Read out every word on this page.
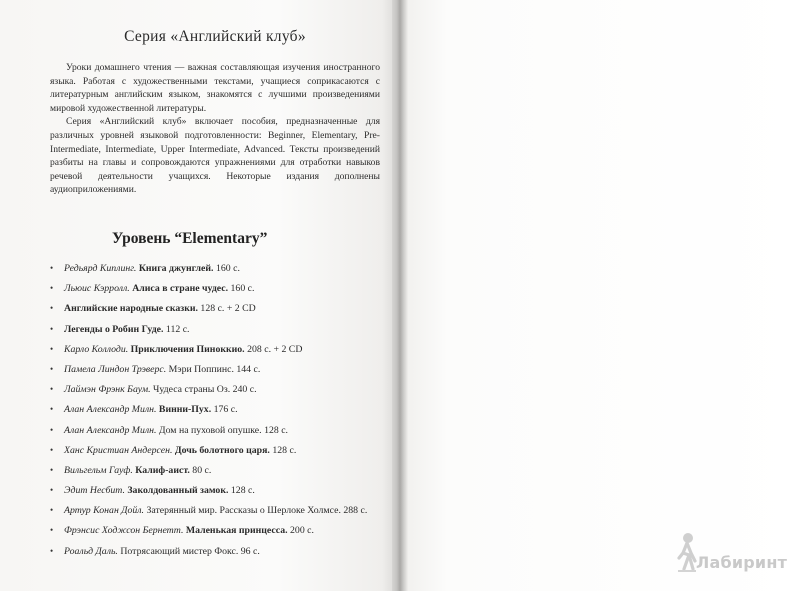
Серия «Английский клуб»

Уроки домашнего чтения — важная составляющая изучения иностранного языка. Работая с художественными текстами, учащиеся соприкасаются с литературным английским языком, знакомятся с лучшими произведениями мировой художественной литературы.

Серия «Английский клуб» включает пособия, предназначенные для различных уровней языковой подготовленности: Beginner, Elementary, Pre-Intermediate, Intermediate, Upper Intermediate, Advanced. Тексты произведений разбиты на главы и сопровождаются упражнениями для отработки навыков речевой деятельности учащихся. Некоторые издания дополнены аудиоприложениями.

Уровень “Elementary”
• Редьярд Киплинг. Книга джунглей. 160 с.
• Льюис Кэрролл. Алиса в стране чудес. 160 с.
• Английские народные сказки. 128 с. + 2 CD
• Легенды о Робин Гуде. 112 с.
• Карло Коллоди. Приключения Пиноккио. 208 с. + 2 CD
• Памела Линдон Трэверс. Мэри Поппинс. 144 с.
• Лаймэн Фрэнк Баум. Чудеса страны Оз. 240 с.
• Алан Александр Милн. Винни-Пух. 176 с.
• Алан Александр Милн. Дом на пуховой опушке. 128 с.
• Ханс Кристиан Андерсен. Дочь болотного царя. 128 с.
• Вильгельм Гауф. Калиф-аист. 80 с.
• Эдит Несбит. Заколдованный замок. 128 с.
• Артур Конан Дойл. Затерянный мир. Рассказы о Шерлоке Холмсе. 288 с.
• Фрэнсис Ходжсон Бернетт. Маленькая принцесса. 200 с.
• Роальд Даль. Потрясающий мистер Фокс. 96 с.
Лабиринт
